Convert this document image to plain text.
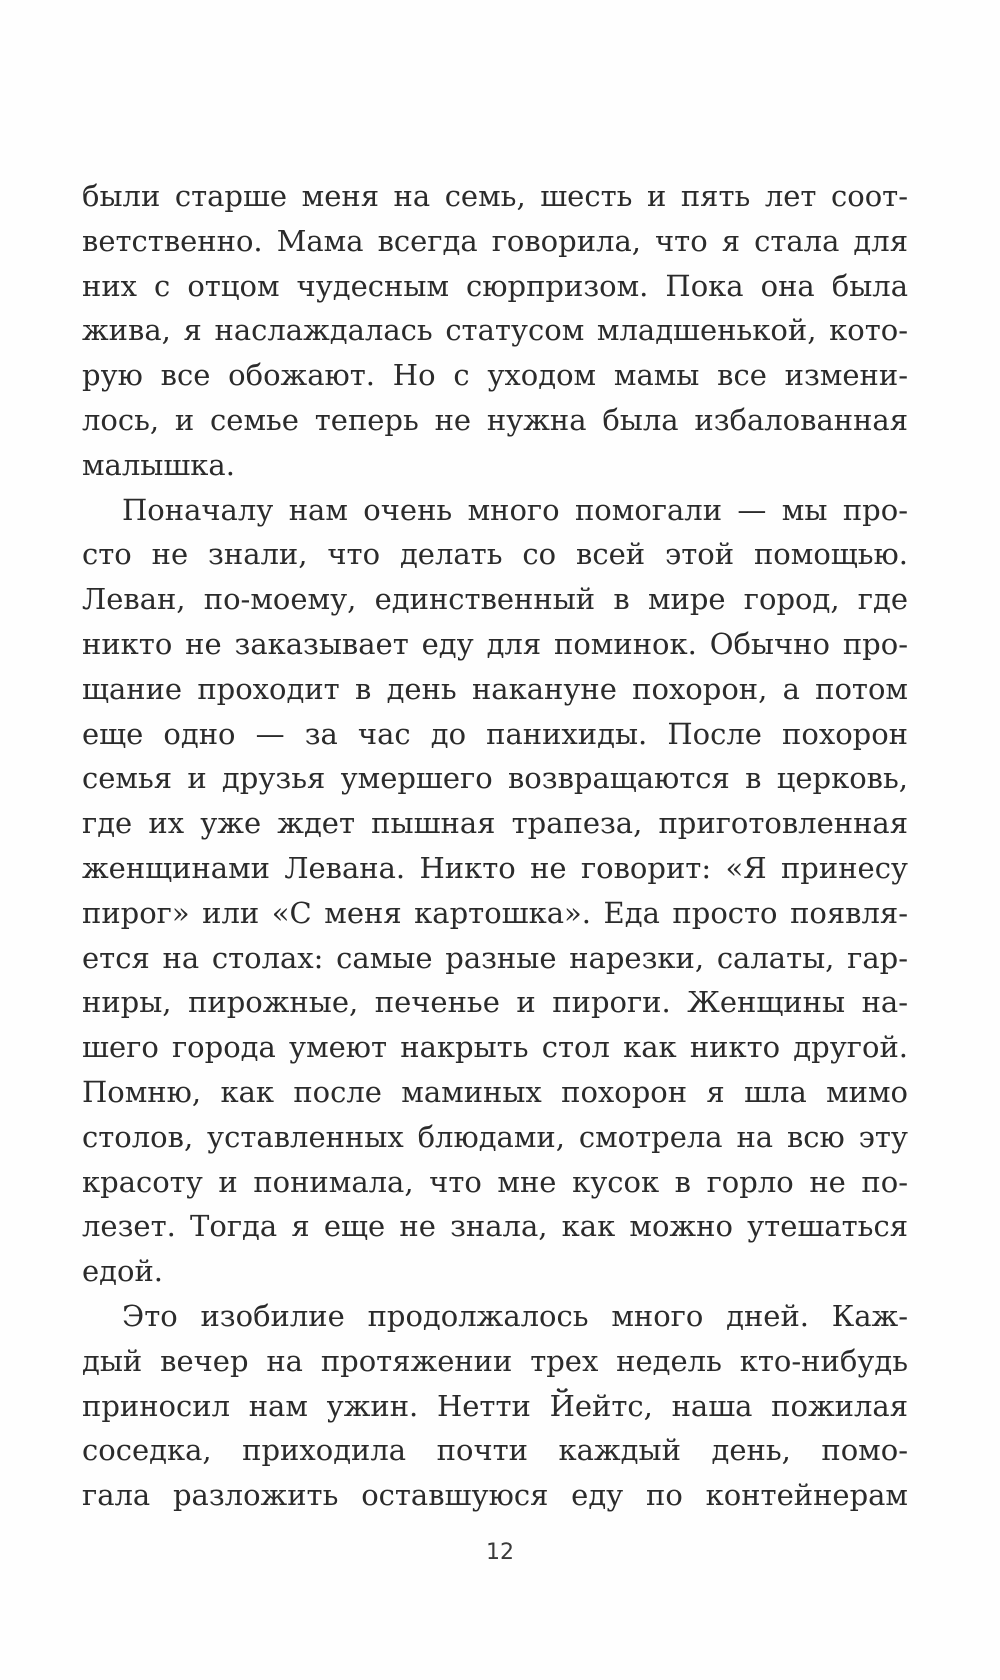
были старше меня на семь, шесть и пять лет соот-
ветственно. Мама всегда говорила, что я стала для
них с отцом чудесным сюрпризом. Пока она была
жива, я наслаждалась статусом младшенькой, кото-
рую все обожают. Но с уходом мамы все измени-
лось, и семье теперь не нужна была избалованная
малышка.
Поначалу нам очень много помогали — мы про-
сто не знали, что делать со всей этой помощью.
Леван, по-моему, единственный в мире город, где
никто не заказывает еду для поминок. Обычно про-
щание проходит в день накануне похорон, а потом
еще одно — за час до панихиды. После похорон
семья и друзья умершего возвращаются в церковь,
где их уже ждет пышная трапеза, приготовленная
женщинами Левана. Никто не говорит: «Я принесу
пирог» или «С меня картошка». Еда просто появля-
ется на столах: самые разные нарезки, салаты, гар-
ниры, пирожные, печенье и пироги. Женщины на-
шего города умеют накрыть стол как никто другой.
Помню, как после маминых похорон я шла мимо
столов, уставленных блюдами, смотрела на всю эту
красоту и понимала, что мне кусок в горло не по-
лезет. Тогда я еще не знала, как можно утешаться
едой.
Это изобилие продолжалось много дней. Каж-
дый вечер на протяжении трех недель кто-нибудь
приносил нам ужин. Нетти Йейтс, наша пожилая
соседка, приходила почти каждый день, помо-
гала разложить оставшуюся еду по контейнерам
12
